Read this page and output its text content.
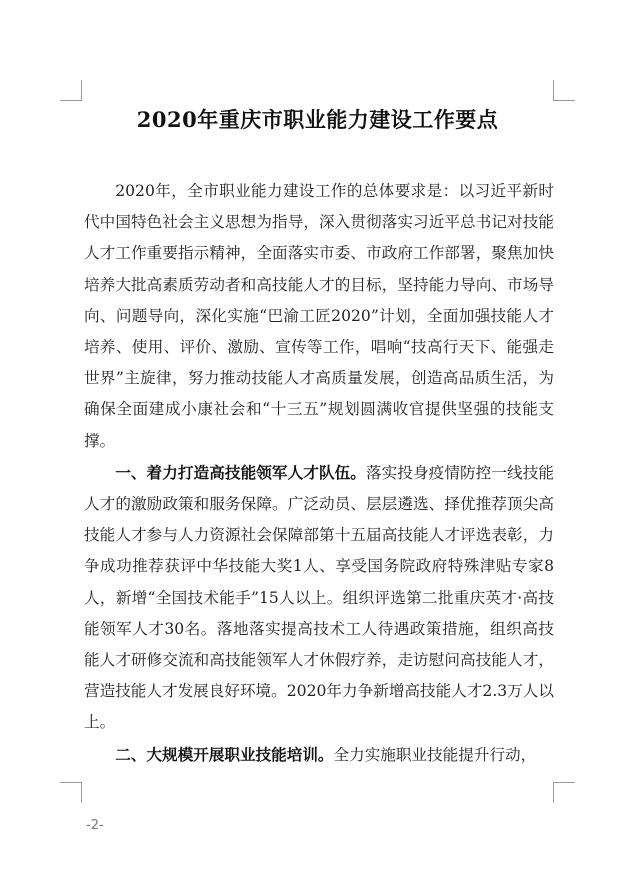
2020年重庆市职业能力建设工作要点

2020年，全市职业能力建设工作的总体要求是：以习近平新时代中国特色社会主义思想为指导，深入贯彻落实习近平总书记对技能人才工作重要指示精神，全面落实市委、市政府工作部署，聚焦加快培养大批高素质劳动者和高技能人才的目标，坚持能力导向、市场导向、问题导向，深化实施“巴渝工匠2020”计划，全面加强技能人才培养、使用、评价、激励、宣传等工作，唱响“技高行天下、能强走世界”主旋律，努力推动技能人才高质量发展，创造高品质生活，为确保全面建成小康社会和“十三五”规划圆满收官提供坚强的技能支撑。

一、着力打造高技能领军人才队伍。落实投身疫情防控一线技能人才的激励政策和服务保障。广泛动员、层层遴选、择优推荐顶尖高技能人才参与人力资源社会保障部第十五届高技能人才评选表彰，力争成功推荐获评中华技能大奖1人、享受国务院政府特殊津贴专家8人，新增“全国技术能手”15人以上。组织评选第二批重庆英才·高技能领军人才30名。落地落实提高技术工人待遇政策措施，组织高技能人才研修交流和高技能领军人才休假疗养，走访慰问高技能人才，营造技能人才发展良好环境。2020年力争新增高技能人才2.3万人以上。

二、大规模开展职业技能培训。全力实施职业技能提升行动，

-2-
